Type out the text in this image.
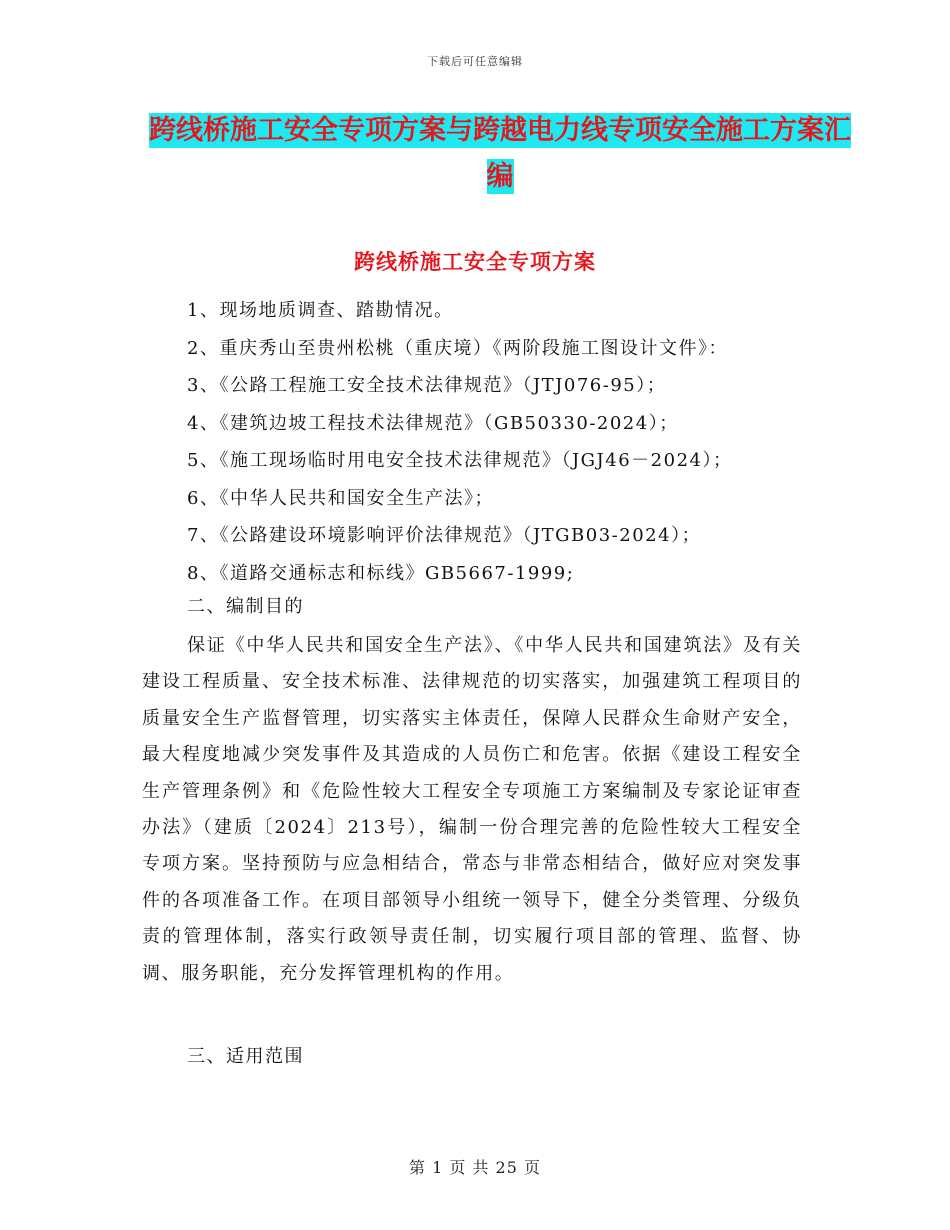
下载后可任意编辑
跨线桥施工安全专项方案与跨越电力线专项安全施工方案汇编
跨线桥施工安全专项方案
1、现场地质调查、踏勘情况。
2、重庆秀山至贵州松桃（重庆境）《两阶段施工图设计文件》：
3、《公路工程施工安全技术法律规范》（JTJ076-95）；
4、《建筑边坡工程技术法律规范》（GB50330-2024）；
5、《施工现场临时用电安全技术法律规范》（JGJ46－2024）；
6、《中华人民共和国安全生产法》；
7、《公路建设环境影响评价法律规范》（JTGB03-2024）；
8、《道路交通标志和标线》GB5667-1999;
二、编制目的

保证《中华人民共和国安全生产法》、《中华人民共和国建筑法》及有关建设工程质量、安全技术标准、法律规范的切实落实，加强建筑工程项目的质量安全生产监督管理，切实落实主体责任，保障人民群众生命财产安全，最大程度地减少突发事件及其造成的人员伤亡和危害。依据《建设工程安全生产管理条例》和《危险性较大工程安全专项施工方案编制及专家论证审查办法》（建质〔2024〕213号），编制一份合理完善的危险性较大工程安全专项方案。坚持预防与应急相结合，常态与非常态相结合，做好应对突发事件的各项准备工作。在项目部领导小组统一领导下，健全分类管理、分级负责的管理体制，落实行政领导责任制，切实履行项目部的管理、监督、协调、服务职能，充分发挥管理机构的作用。

三、适用范围
第 1 页 共 25 页
